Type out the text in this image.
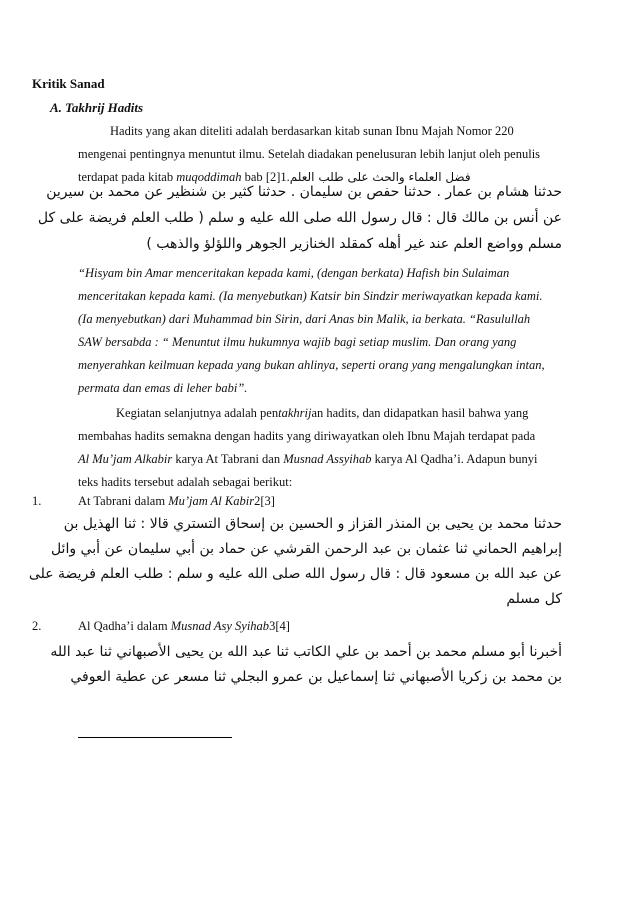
Kritik Sanad
A. Takhrij Hadits
Hadits yang akan diteliti adalah berdasarkan kitab sunan Ibnu Majah Nomor 220
mengenai pentingnya menuntut ilmu. Setelah diadakan penelusuran lebih lanjut oleh penulis
terdapat pada kitab muqoddimah bab فضل العلماء والحث على طلب العلم.1[2]
حدثنا هشام بن عمار . حدثنا حفص بن سليمان . حدثنا كثير بن شنظير عن محمد بن سيرين
عن أنس بن مالك قال : قال رسول الله صلى الله عليه و سلم ( طلب العلم فريضة على كل
مسلم وواضع العلم عند غير أهله كمقلد الخنازير الجوهر واللؤلؤ والذهب )
“Hisyam bin Amar menceritakan kepada kami, (dengan berkata) Hafish bin Sulaiman
menceritakan kepada kami. (Ia menyebutkan) Katsir bin Sindzir meriwayatkan kepada kami.
(Ia menyebutkan) dari Muhammad bin Sirin, dari Anas bin Malik, ia berkata. “Rasulullah
SAW bersabda : “ Menuntut ilmu hukumnya wajib bagi setiap muslim. Dan orang yang
menyerahkan keilmuan kepada yang bukan ahlinya, seperti orang yang mengalungkan intan,
permata dan emas di leher babi”.
Kegiatan selanjutnya adalah pentakhrijan hadits, dan didapatkan hasil bahwa yang
membahas hadits semakna dengan hadits yang diriwayatkan oleh Ibnu Majah terdapat pada
Al Mu’jam Alkabir karya At Tabrani dan Musnad Assyihab karya Al Qadha’i. Adapun bunyi
teks hadits tersebut adalah sebagai berikut:
1.	At Tabrani dalam Mu’jam Al Kabir2[3]
حدثنا محمد بن يحيى بن المنذر القزاز و الحسين بن إسحاق التستري قالا : ثنا الهذيل بن
إبراهيم الحماني ثنا عثمان بن عبد الرحمن القرشي عن حماد بن أبي سليمان عن أبي وائل
عن عبد الله بن مسعود قال : قال رسول الله صلى الله عليه و سلم : طلب العلم فريضة على
كل مسلم
2.	Al Qadha’i dalam Musnad Asy Syihab3[4]
أخبرنا أبو مسلم محمد بن أحمد بن علي الكاتب ثنا عبد الله بن يحيى الأصبهاني ثنا عبد الله
بن محمد بن زكريا الأصبهاني ثنا إسماعيل بن عمرو البجلي ثنا مسعر عن عطية العوفي
